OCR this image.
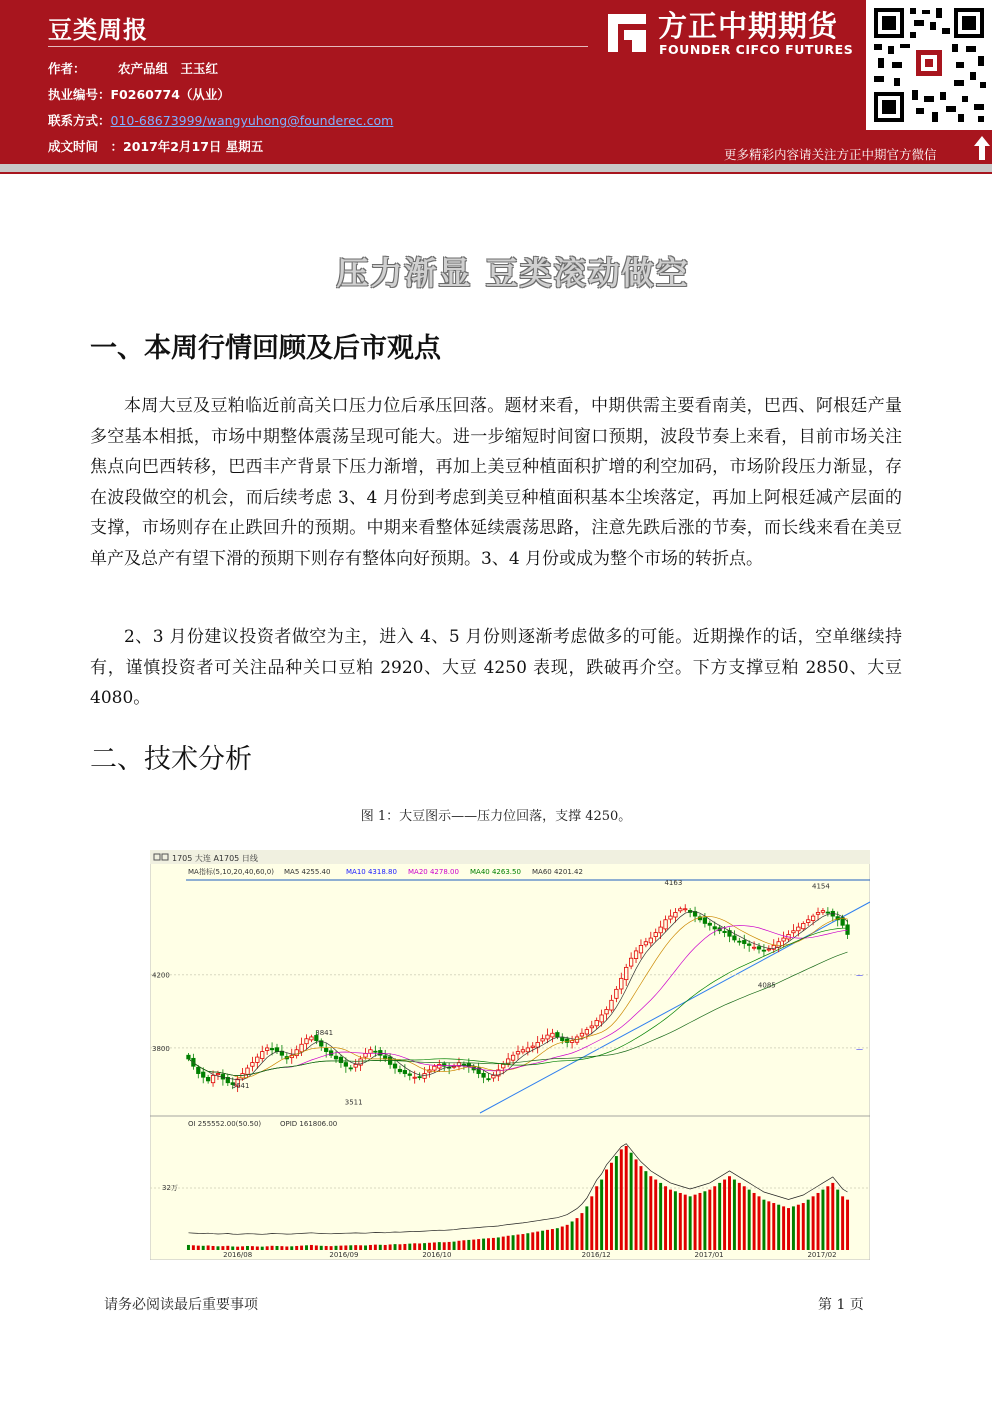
豆类周报
作者：	农产品组　王玉红
执业编号：F0260774（从业）
联系方式：010-68673999/wangyuhong@founderec.com
成文时间　：2017年2月17日 星期五
方正中期期货
FOUNDER CIFCO FUTURES
更多精彩内容请关注方正中期官方微信
压力渐显 豆类滚动做空
一、本周行情回顾及后市观点

本周大豆及豆粕临近前高关口压力位后承压回落。题材来看，中期供需主要看南美，巴西、阿根廷产量多空基本相抵，市场中期整体震荡呈现可能大。进一步缩短时间窗口预期，波段节奏上来看，目前市场关注焦点向巴西转移，巴西丰产背景下压力渐增，再加上美豆种植面积扩增的利空加码，市场阶段压力渐显，存在波段做空的机会，而后续考虑 3、4 月份到考虑到美豆种植面积基本尘埃落定，再加上阿根廷减产层面的支撑，市场则存在止跌回升的预期。中期来看整体延续震荡思路，注意先跌后涨的节奏，而长线来看在美豆单产及总产有望下滑的预期下则存有整体向好预期。3、4 月份或成为整个市场的转折点。

2、3 月份建议投资者做空为主，进入 4、5 月份则逐渐考虑做多的可能。近期操作的话，空单继续持有，谨慎投资者可关注品种关口豆粕 2920、大豆 4250 表现，跌破再介空。下方支撑豆粕 2850、大豆 4080。

二、技术分析
图 1：大豆图示——压力位回落，支撑 4250。
1705 大连 A1705 日线
MA指标(5,10,20,40,60,0) MA5 4255.40 MA10 4318.80 MA20 4278.00 MA40 4263.50 MA60 4201.42
4200	—
3800	—
32万
3841
3641
3511
4163	4154
4085
OI 255552.00(50.50)	OPID 161806.00
2016/08	2016/09	2016/10	2016/12	2017/01	2017/02
请务必阅读最后重要事项	第 1 页
